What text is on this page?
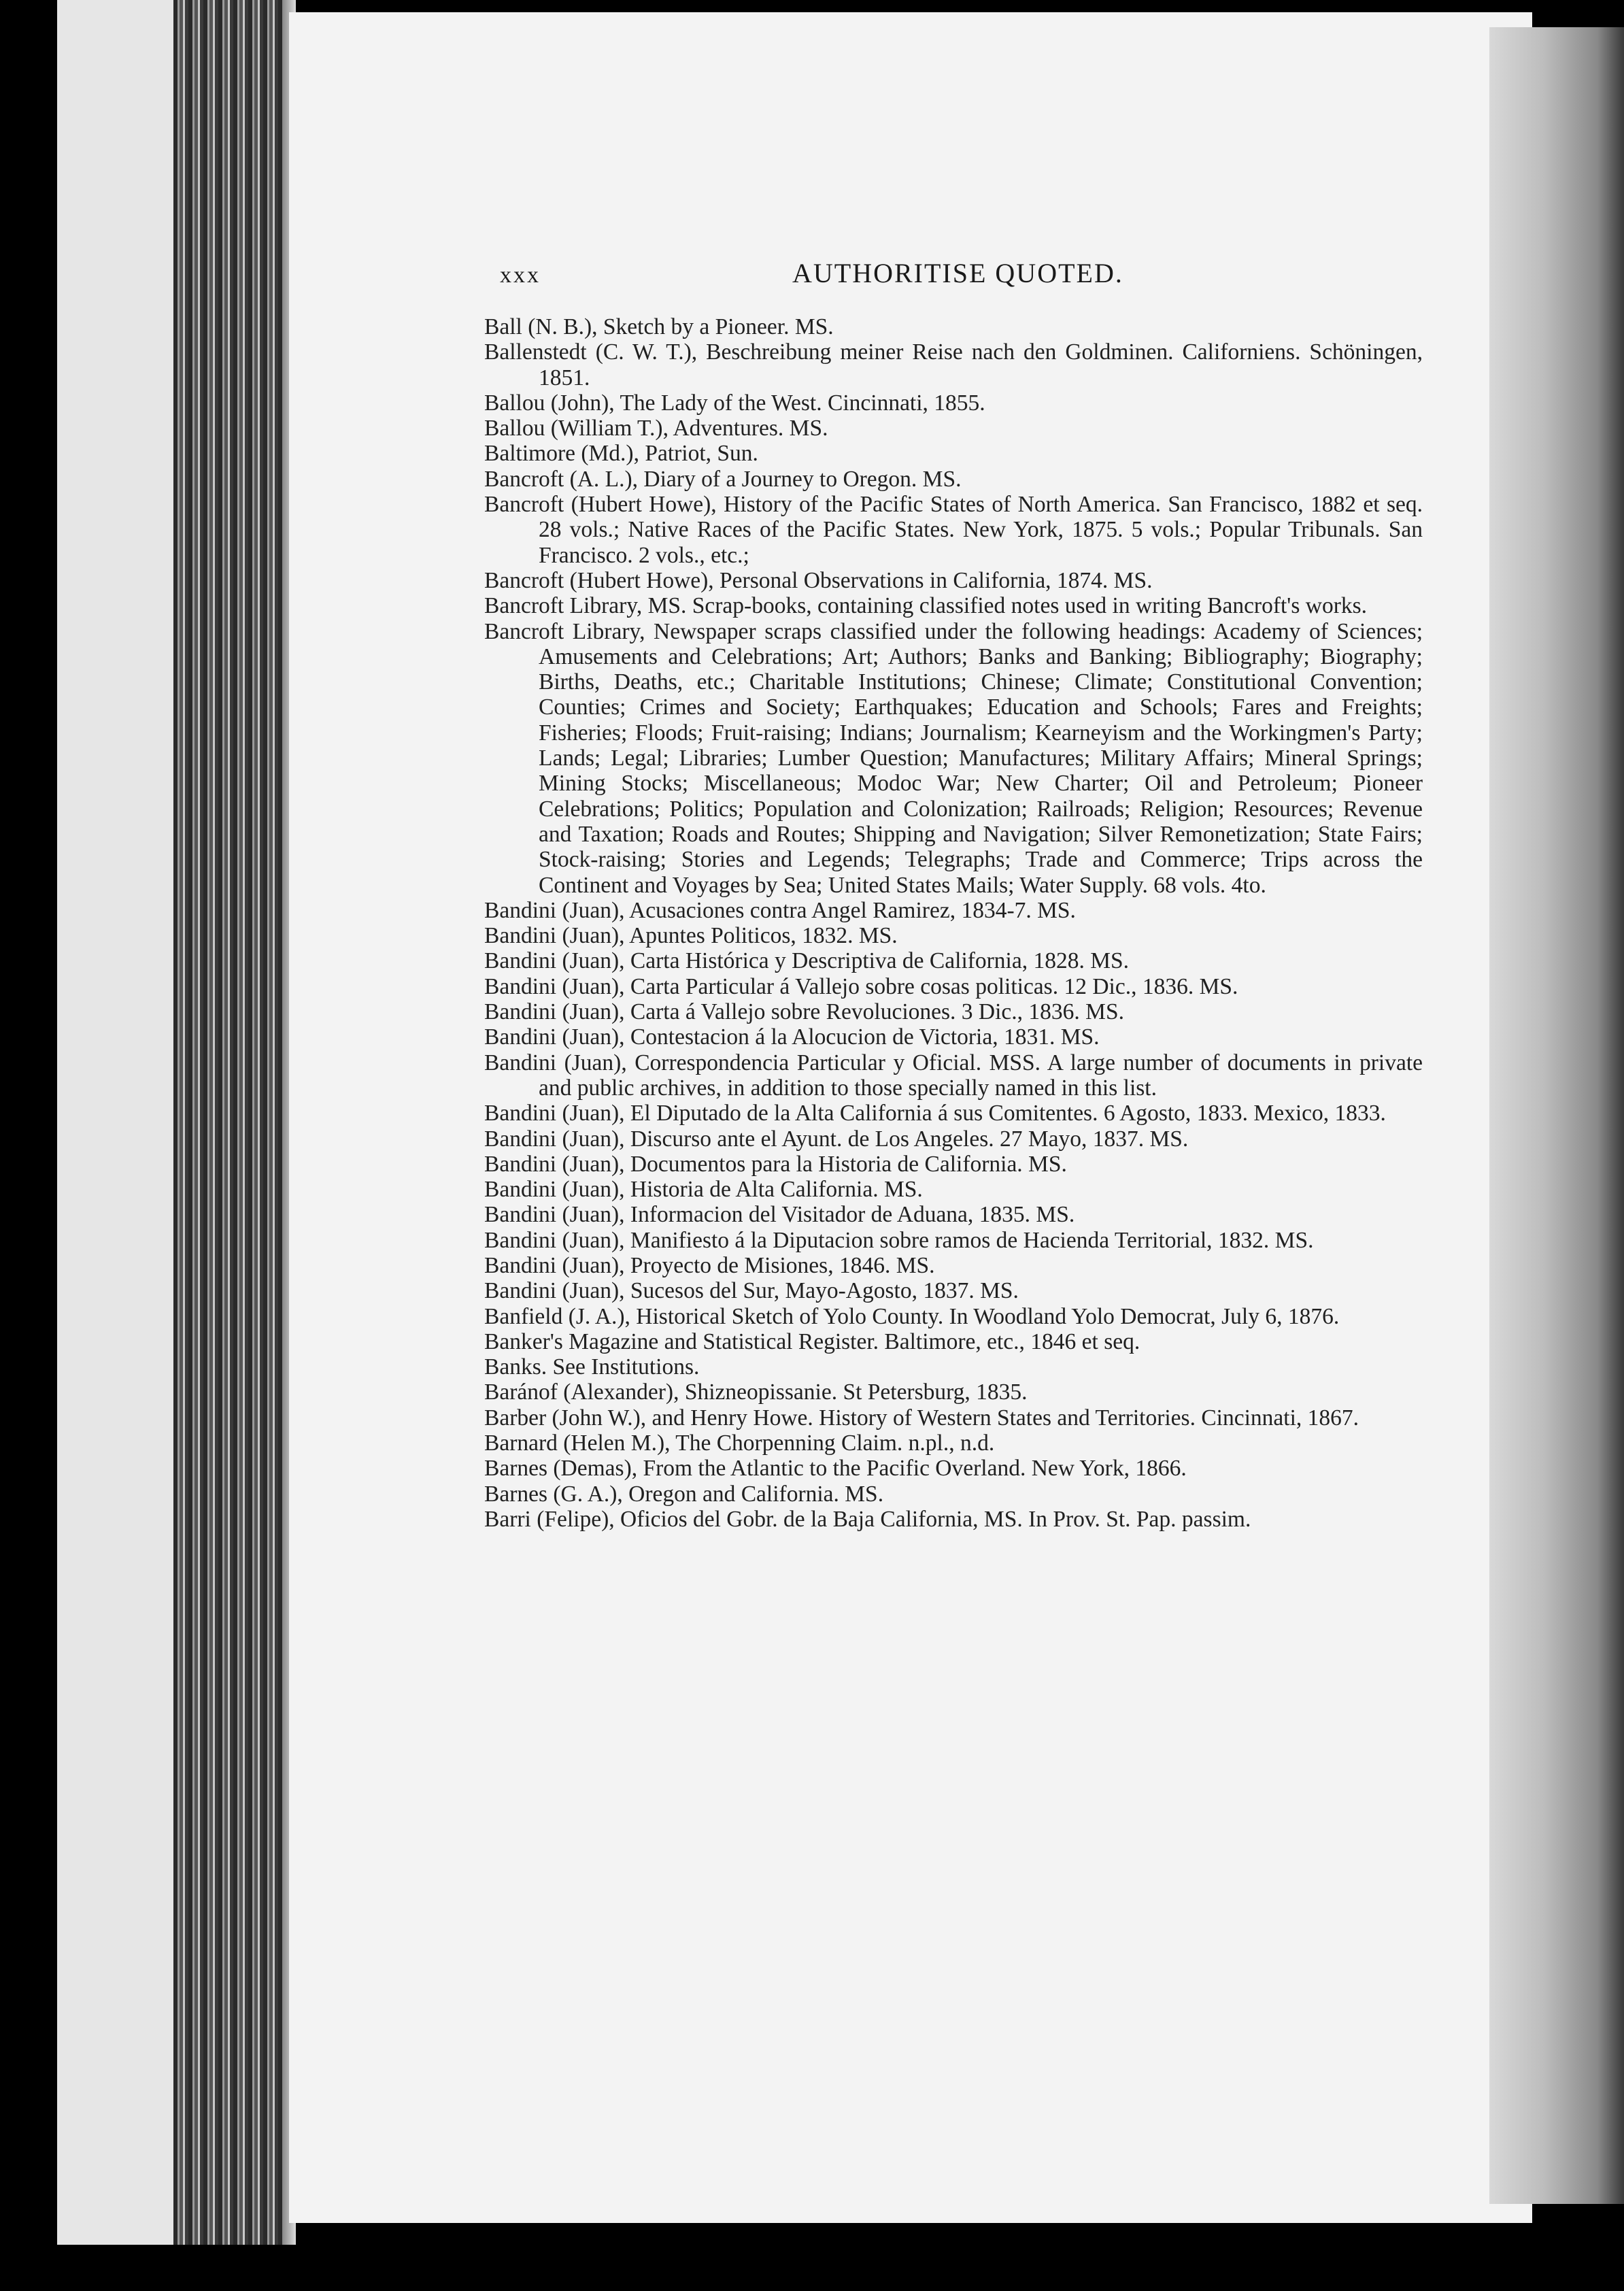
xxx	AUTHORITISE QUOTED.

Ball (N. B.), Sketch by a Pioneer. MS.

Ballenstedt (C. W. T.), Beschreibung meiner Reise nach den Goldminen. Californiens. Schöningen, 1851.

Ballou (John), The Lady of the West. Cincinnati, 1855.

Ballou (William T.), Adventures. MS.

Baltimore (Md.), Patriot, Sun.

Bancroft (A. L.), Diary of a Journey to Oregon. MS.

Bancroft (Hubert Howe), History of the Pacific States of North America. San Francisco, 1882 et seq. 28 vols.; Native Races of the Pacific States. New York, 1875. 5 vols.; Popular Tribunals. San Francisco. 2 vols., etc.;

Bancroft (Hubert Howe), Personal Observations in California, 1874. MS.

Bancroft Library, MS. Scrap-books, containing classified notes used in writing Bancroft's works.

Bancroft Library, Newspaper scraps classified under the following headings: Academy of Sciences; Amusements and Celebrations; Art; Authors; Banks and Banking; Bibliography; Biography; Births, Deaths, etc.; Charitable Institutions; Chinese; Climate; Constitutional Convention; Counties; Crimes and Society; Earthquakes; Education and Schools; Fares and Freights; Fisheries; Floods; Fruit-raising; Indians; Journalism; Kearneyism and the Workingmen's Party; Lands; Legal; Libraries; Lumber Question; Manufactures; Military Affairs; Mineral Springs; Mining Stocks; Miscellaneous; Modoc War; New Charter; Oil and Petroleum; Pioneer Celebrations; Politics; Population and Colonization; Railroads; Religion; Resources; Revenue and Taxation; Roads and Routes; Shipping and Navigation; Silver Remonetization; State Fairs; Stock-raising; Stories and Legends; Telegraphs; Trade and Commerce; Trips across the Continent and Voyages by Sea; United States Mails; Water Supply. 68 vols. 4to.

Bandini (Juan), Acusaciones contra Angel Ramirez, 1834-7. MS.

Bandini (Juan), Apuntes Politicos, 1832. MS.

Bandini (Juan), Carta Histórica y Descriptiva de California, 1828. MS.

Bandini (Juan), Carta Particular á Vallejo sobre cosas politicas. 12 Dic., 1836. MS.

Bandini (Juan), Carta á Vallejo sobre Revoluciones. 3 Dic., 1836. MS.

Bandini (Juan), Contestacion á la Alocucion de Victoria, 1831. MS.

Bandini (Juan), Correspondencia Particular y Oficial. MSS. A large number of documents in private and public archives, in addition to those specially named in this list.

Bandini (Juan), El Diputado de la Alta California á sus Comitentes. 6 Agosto, 1833. Mexico, 1833.

Bandini (Juan), Discurso ante el Ayunt. de Los Angeles. 27 Mayo, 1837. MS.

Bandini (Juan), Documentos para la Historia de California. MS.

Bandini (Juan), Historia de Alta California. MS.

Bandini (Juan), Informacion del Visitador de Aduana, 1835. MS.

Bandini (Juan), Manifiesto á la Diputacion sobre ramos de Hacienda Territorial, 1832. MS.

Bandini (Juan), Proyecto de Misiones, 1846. MS.

Bandini (Juan), Sucesos del Sur, Mayo-Agosto, 1837. MS.

Banfield (J. A.), Historical Sketch of Yolo County. In Woodland Yolo Democrat, July 6, 1876.

Banker's Magazine and Statistical Register. Baltimore, etc., 1846 et seq.

Banks. See Institutions.

Baránof (Alexander), Shizneopissanie. St Petersburg, 1835.

Barber (John W.), and Henry Howe. History of Western States and Territories. Cincinnati, 1867.

Barnard (Helen M.), The Chorpenning Claim. n.pl., n.d.

Barnes (Demas), From the Atlantic to the Pacific Overland. New York, 1866.

Barnes (G. A.), Oregon and California. MS.

Barri (Felipe), Oficios del Gobr. de la Baja California, MS. In Prov. St. Pap. passim.
